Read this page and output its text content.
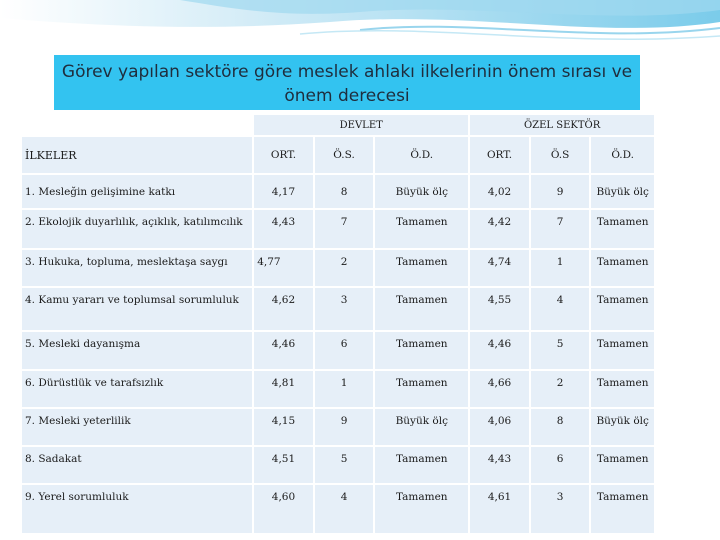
Görev yapılan sektöre göre meslek ahlakı ilkelerinin önem sırası ve
önem derecesi
	DEVLET			ÖZEL SEKTÖR		
İLKELER	ORT.	Ö.S.	Ö.D.	ORT.	Ö.S	Ö.D.
1. Mesleğin gelişimine katkı	4,17	8	Büyük ölç	4,02	9	Büyük ölç
2. Ekolojik duyarlılık, açıklık, katılımcılık	4,43	7	Tamamen	4,42	7	Tamamen
3. Hukuka, topluma, meslektaşa saygı	4,77	2	Tamamen	4,74	1	Tamamen
4. Kamu yararı ve toplumsal sorumluluk	4,62	3	Tamamen	4,55	4	Tamamen
5. Mesleki dayanışma	4,46	6	Tamamen	4,46	5	Tamamen
6. Dürüstlük ve tarafsızlık	4,81	1	Tamamen	4,66	2	Tamamen
7. Mesleki yeterlilik	4,15	9	Büyük ölç	4,06	8	Büyük ölç
8. Sadakat	4,51	5	Tamamen	4,43	6	Tamamen
9. Yerel sorumluluk	4,60	4	Tamamen	4,61	3	Tamamen
